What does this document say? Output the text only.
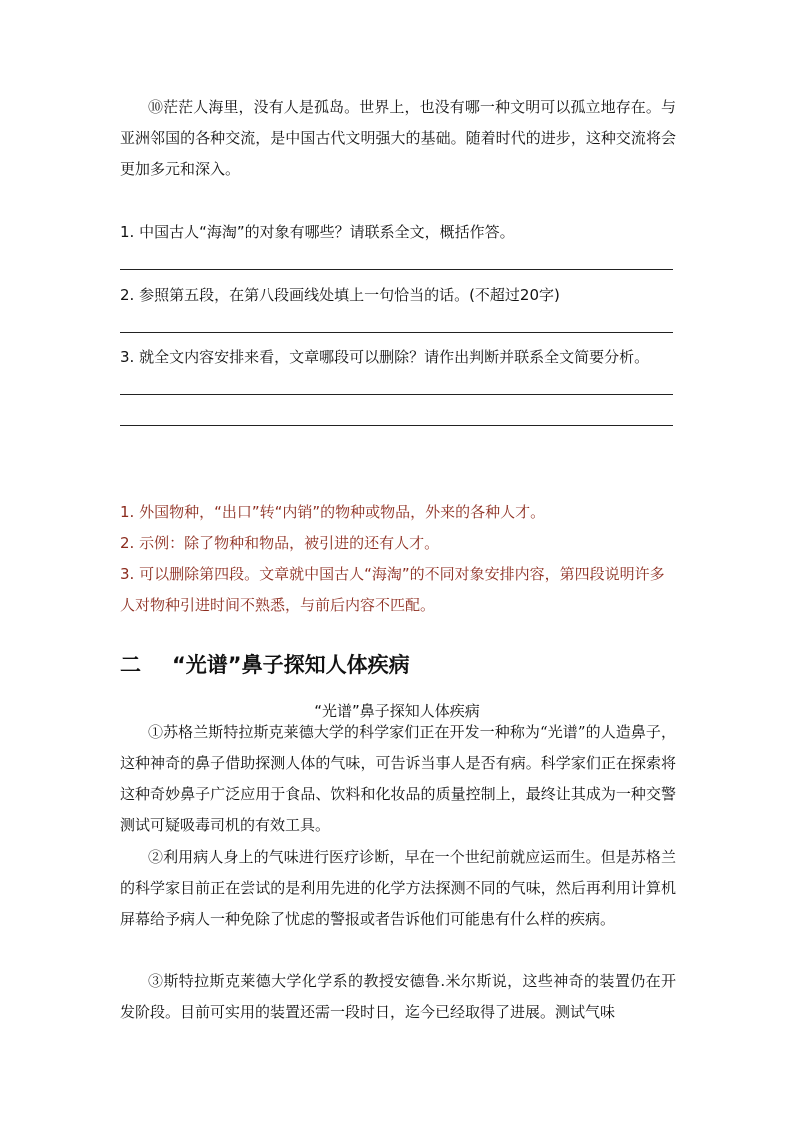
⑩茫茫人海里，没有人是孤岛。世界上，也没有哪一种文明可以孤立地存在。与亚洲邻国的各种交流，是中国古代文明强大的基础。随着时代的进步，这种交流将会更加多元和深入。

1. 中国古人“海淘”的对象有哪些？请联系全文，概括作答。

2. 参照第五段，在第八段画线处填上一句恰当的话。(不超过20字)

3. 就全文内容安排来看，文章哪段可以删除？请作出判断并联系全文简要分析。

1. 外国物种，“出口”转“内销”的物种或物品，外来的各种人才。

2. 示例：除了物种和物品，被引进的还有人才。

3. 可以删除第四段。文章就中国古人“海淘”的不同对象安排内容，第四段说明许多人对物种引进时间不熟悉，与前后内容不匹配。

二 “光谱”鼻子探知人体疾病

“光谱”鼻子探知人体疾病

①苏格兰斯特拉斯克莱德大学的科学家们正在开发一种称为“光谱”的人造鼻子，这种神奇的鼻子借助探测人体的气味，可告诉当事人是否有病。科学家们正在探索将这种奇妙鼻子广泛应用于食品、饮料和化妆品的质量控制上，最终让其成为一种交警测试可疑吸毒司机的有效工具。

②利用病人身上的气味进行医疗诊断，早在一个世纪前就应运而生。但是苏格兰的科学家目前正在尝试的是利用先进的化学方法探测不同的气味，然后再利用计算机屏幕给予病人一种免除了忧虑的警报或者告诉他们可能患有什么样的疾病。

③斯特拉斯克莱德大学化学系的教授安德鲁.米尔斯说，这些神奇的装置仍在开发阶段。目前可实用的装置还需一段时日，迄今已经取得了进展。测试气味
